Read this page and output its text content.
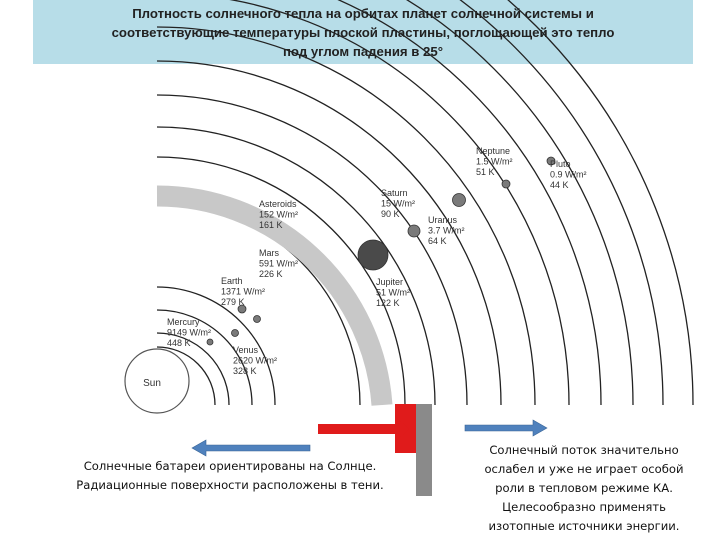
Плотность солнечного тепла на орбитах планет солнечной системы и
соответствующие температуры плоской пластины, поглощающей это тепло
под углом падения в 25°
Sun
Mercury
9149 W/m²
448 K
Venus
2620 W/m²
328 K
Earth
1371 W/m²
279 K
Mars
591 W/m²
226 K
Asteroids
152 W/m²
161 K
Jupiter
51 W/m²
122 K
Saturn
15 W/m²
90 K
Uranus
3.7 W/m²
64 K
Neptune
1.5 W/m²
51 K
Pluto
0.9 W/m²
44 K
Солнечные батареи ориентированы на Солнце.
Радиационные поверхности расположены в тени.
Солнечный поток значительно
ослабел и уже не играет особой
роли в тепловом режиме КА.
Целесообразно применять
изотопные источники энергии.
